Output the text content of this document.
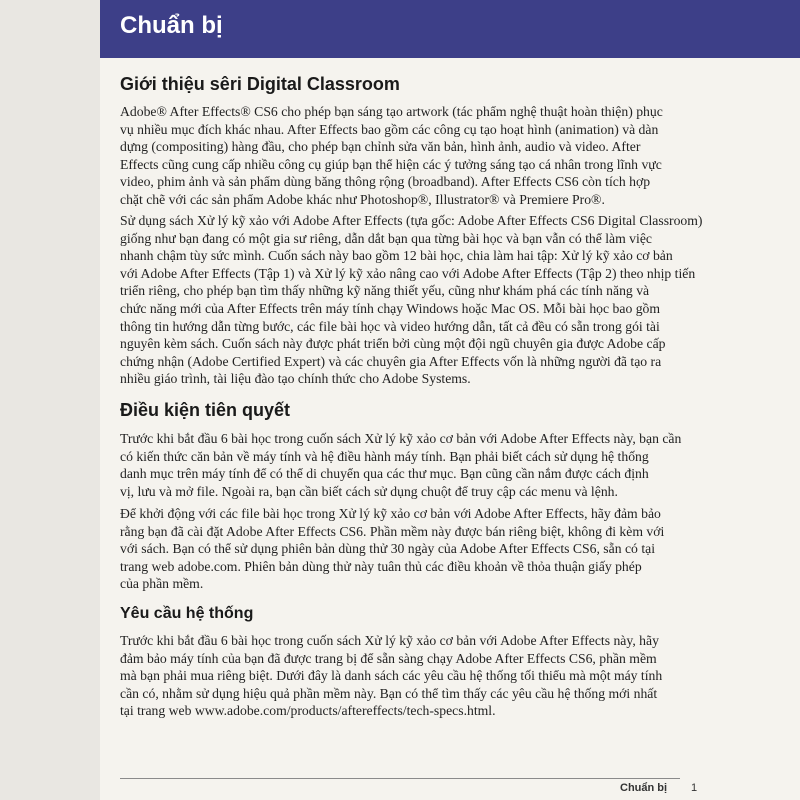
Chuẩn bị
Giới thiệu sêri Digital Classroom
Adobe® After Effects® CS6 cho phép bạn sáng tạo artwork (tác phẩm nghệ thuật hoàn thiện) phục
vụ nhiều mục đích khác nhau. After Effects bao gồm các công cụ tạo hoạt hình (animation) và dàn
dựng (compositing) hàng đầu, cho phép bạn chỉnh sửa văn bản, hình ảnh, audio và video. After
Effects cũng cung cấp nhiều công cụ giúp bạn thể hiện các ý tưởng sáng tạo cá nhân trong lĩnh vực
video, phim ảnh và sản phẩm dùng băng thông rộng (broadband). After Effects CS6 còn tích hợp
chặt chẽ với các sản phẩm Adobe khác như Photoshop®, Illustrator® và Premiere Pro®.
Sử dụng sách Xử lý kỹ xảo với Adobe After Effects (tựa gốc: Adobe After Effects CS6 Digital Classroom)
giống như bạn đang có một gia sư riêng, dẫn dắt bạn qua từng bài học và bạn vẫn có thể làm việc
nhanh chậm tùy sức mình. Cuốn sách này bao gồm 12 bài học, chia làm hai tập: Xử lý kỹ xảo cơ bản
với Adobe After Effects (Tập 1) và Xử lý kỹ xảo nâng cao với Adobe After Effects (Tập 2) theo nhịp tiến
triển riêng, cho phép bạn tìm thấy những kỹ năng thiết yếu, cũng như khám phá các tính năng và
chức năng mới của After Effects trên máy tính chạy Windows hoặc Mac OS. Mỗi bài học bao gồm
thông tin hướng dẫn từng bước, các file bài học và video hướng dẫn, tất cả đều có sẵn trong gói tài
nguyên kèm sách. Cuốn sách này được phát triển bởi cùng một đội ngũ chuyên gia được Adobe cấp
chứng nhận (Adobe Certified Expert) và các chuyên gia After Effects vốn là những người đã tạo ra
nhiều giáo trình, tài liệu đào tạo chính thức cho Adobe Systems.
Điều kiện tiên quyết
Trước khi bắt đầu 6 bài học trong cuốn sách Xử lý kỹ xảo cơ bản với Adobe After Effects này, bạn cần
có kiến thức căn bản về máy tính và hệ điều hành máy tính. Bạn phải biết cách sử dụng hệ thống
danh mục trên máy tính để có thể di chuyển qua các thư mục. Bạn cũng cần nắm được cách định
vị, lưu và mở file. Ngoài ra, bạn cần biết cách sử dụng chuột để truy cập các menu và lệnh.
Để khởi động với các file bài học trong Xử lý kỹ xảo cơ bản với Adobe After Effects, hãy đảm bảo
rằng bạn đã cài đặt Adobe After Effects CS6. Phần mềm này được bán riêng biệt, không đi kèm với
với sách. Bạn có thể sử dụng phiên bản dùng thử 30 ngày của Adobe After Effects CS6, sẵn có tại
trang web adobe.com. Phiên bản dùng thử này tuân thủ các điều khoản về thỏa thuận giấy phép
của phần mềm.
Yêu cầu hệ thống
Trước khi bắt đầu 6 bài học trong cuốn sách Xử lý kỹ xảo cơ bản với Adobe After Effects này, hãy
đảm bảo máy tính của bạn đã được trang bị để sẵn sàng chạy Adobe After Effects CS6, phần mềm
mà bạn phải mua riêng biệt. Dưới đây là danh sách các yêu cầu hệ thống tối thiểu mà một máy tính
cần có, nhằm sử dụng hiệu quả phần mềm này. Bạn có thể tìm thấy các yêu cầu hệ thống mới nhất
tại trang web www.adobe.com/products/aftereffects/tech-specs.html.
Chuẩn bị 1
